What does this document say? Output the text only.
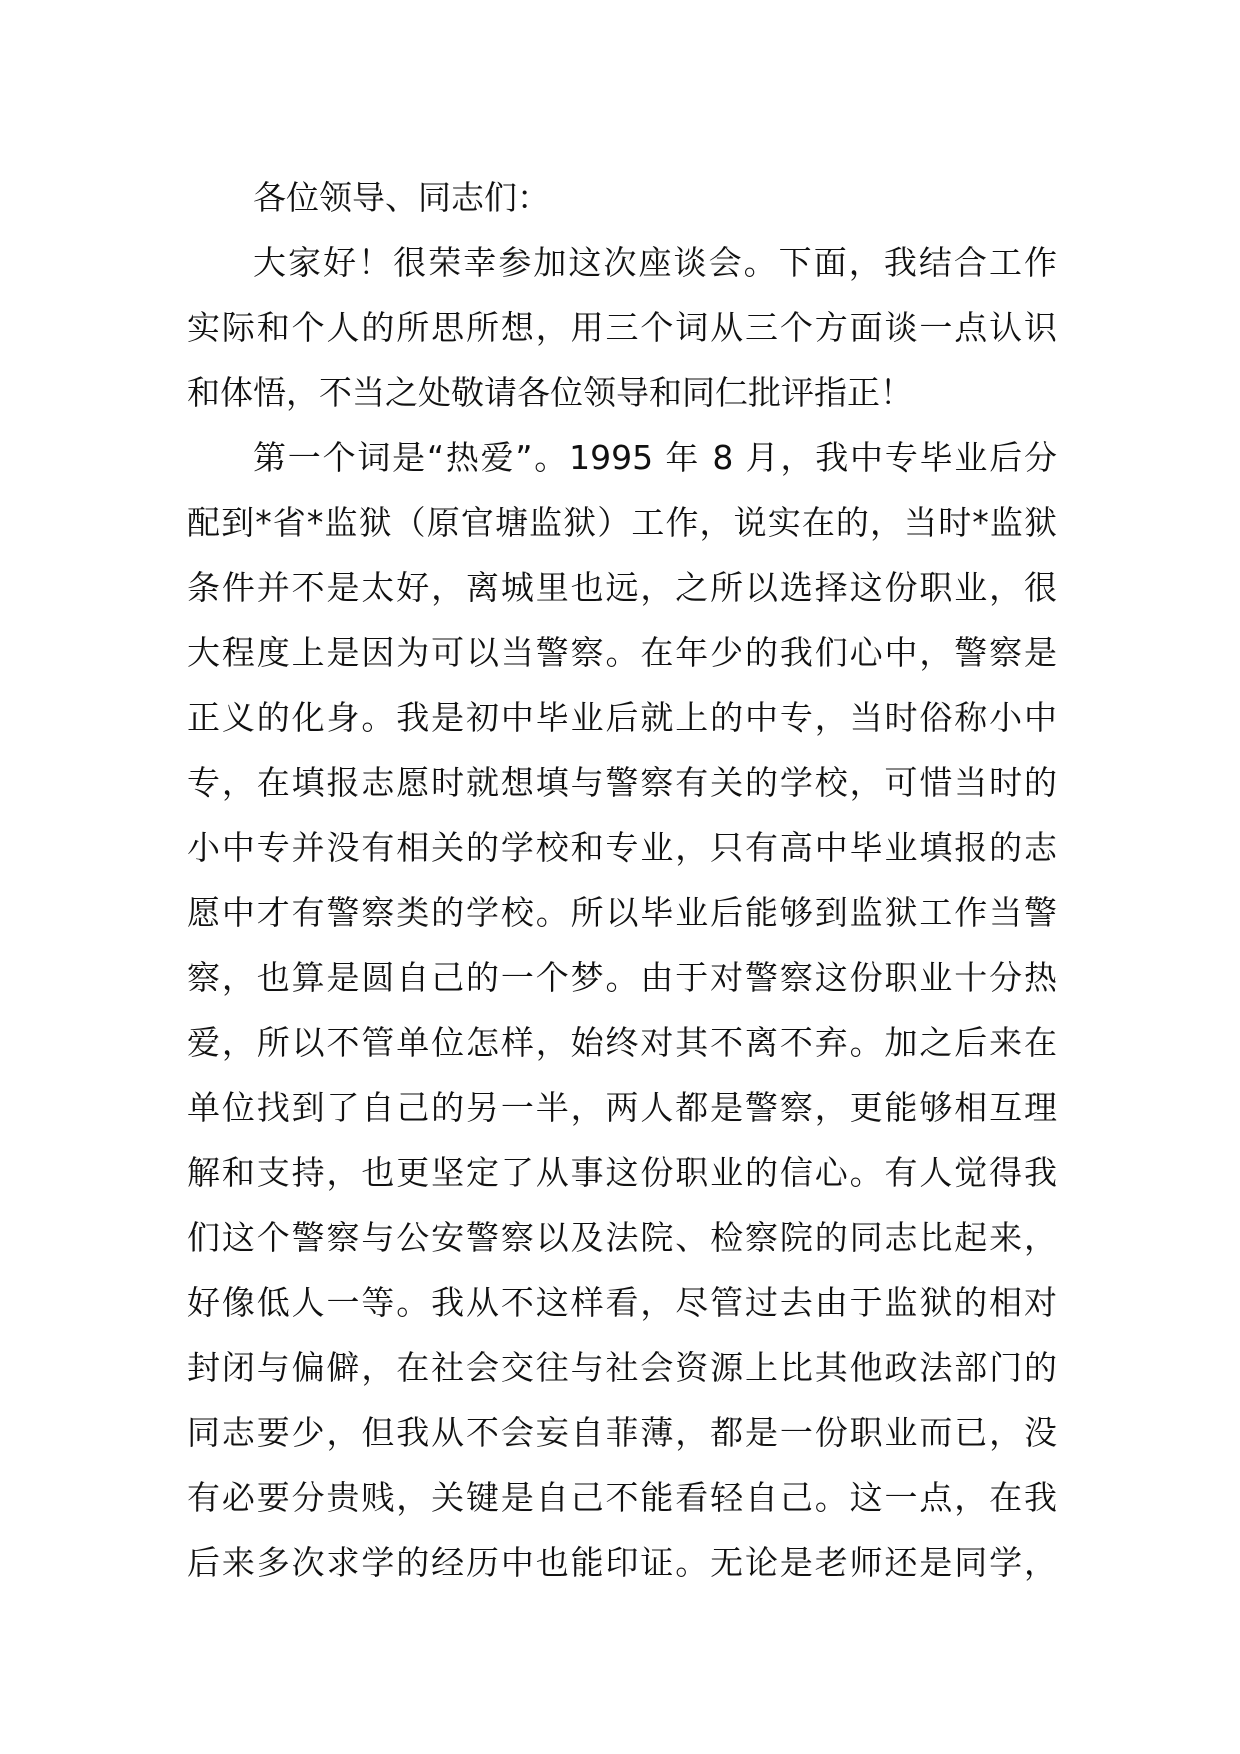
各位领导、同志们：
大家好！很荣幸参加这次座谈会。下面，我结合工作
实际和个人的所思所想，用三个词从三个方面谈一点认识
和体悟，不当之处敬请各位领导和同仁批评指正！
第一个词是“热爱”。1995 年 8 月，我中专毕业后分
配到*省*监狱（原官塘监狱）工作，说实在的，当时*监狱
条件并不是太好，离城里也远，之所以选择这份职业，很
大程度上是因为可以当警察。在年少的我们心中，警察是
正义的化身。我是初中毕业后就上的中专，当时俗称小中
专，在填报志愿时就想填与警察有关的学校，可惜当时的
小中专并没有相关的学校和专业，只有高中毕业填报的志
愿中才有警察类的学校。所以毕业后能够到监狱工作当警
察，也算是圆自己的一个梦。由于对警察这份职业十分热
爱，所以不管单位怎样，始终对其不离不弃。加之后来在
单位找到了自己的另一半，两人都是警察，更能够相互理
解和支持，也更坚定了从事这份职业的信心。有人觉得我
们这个警察与公安警察以及法院、检察院的同志比起来，
好像低人一等。我从不这样看，尽管过去由于监狱的相对
封闭与偏僻，在社会交往与社会资源上比其他政法部门的
同志要少，但我从不会妄自菲薄，都是一份职业而已，没
有必要分贵贱，关键是自己不能看轻自己。这一点，在我
后来多次求学的经历中也能印证。无论是老师还是同学，
